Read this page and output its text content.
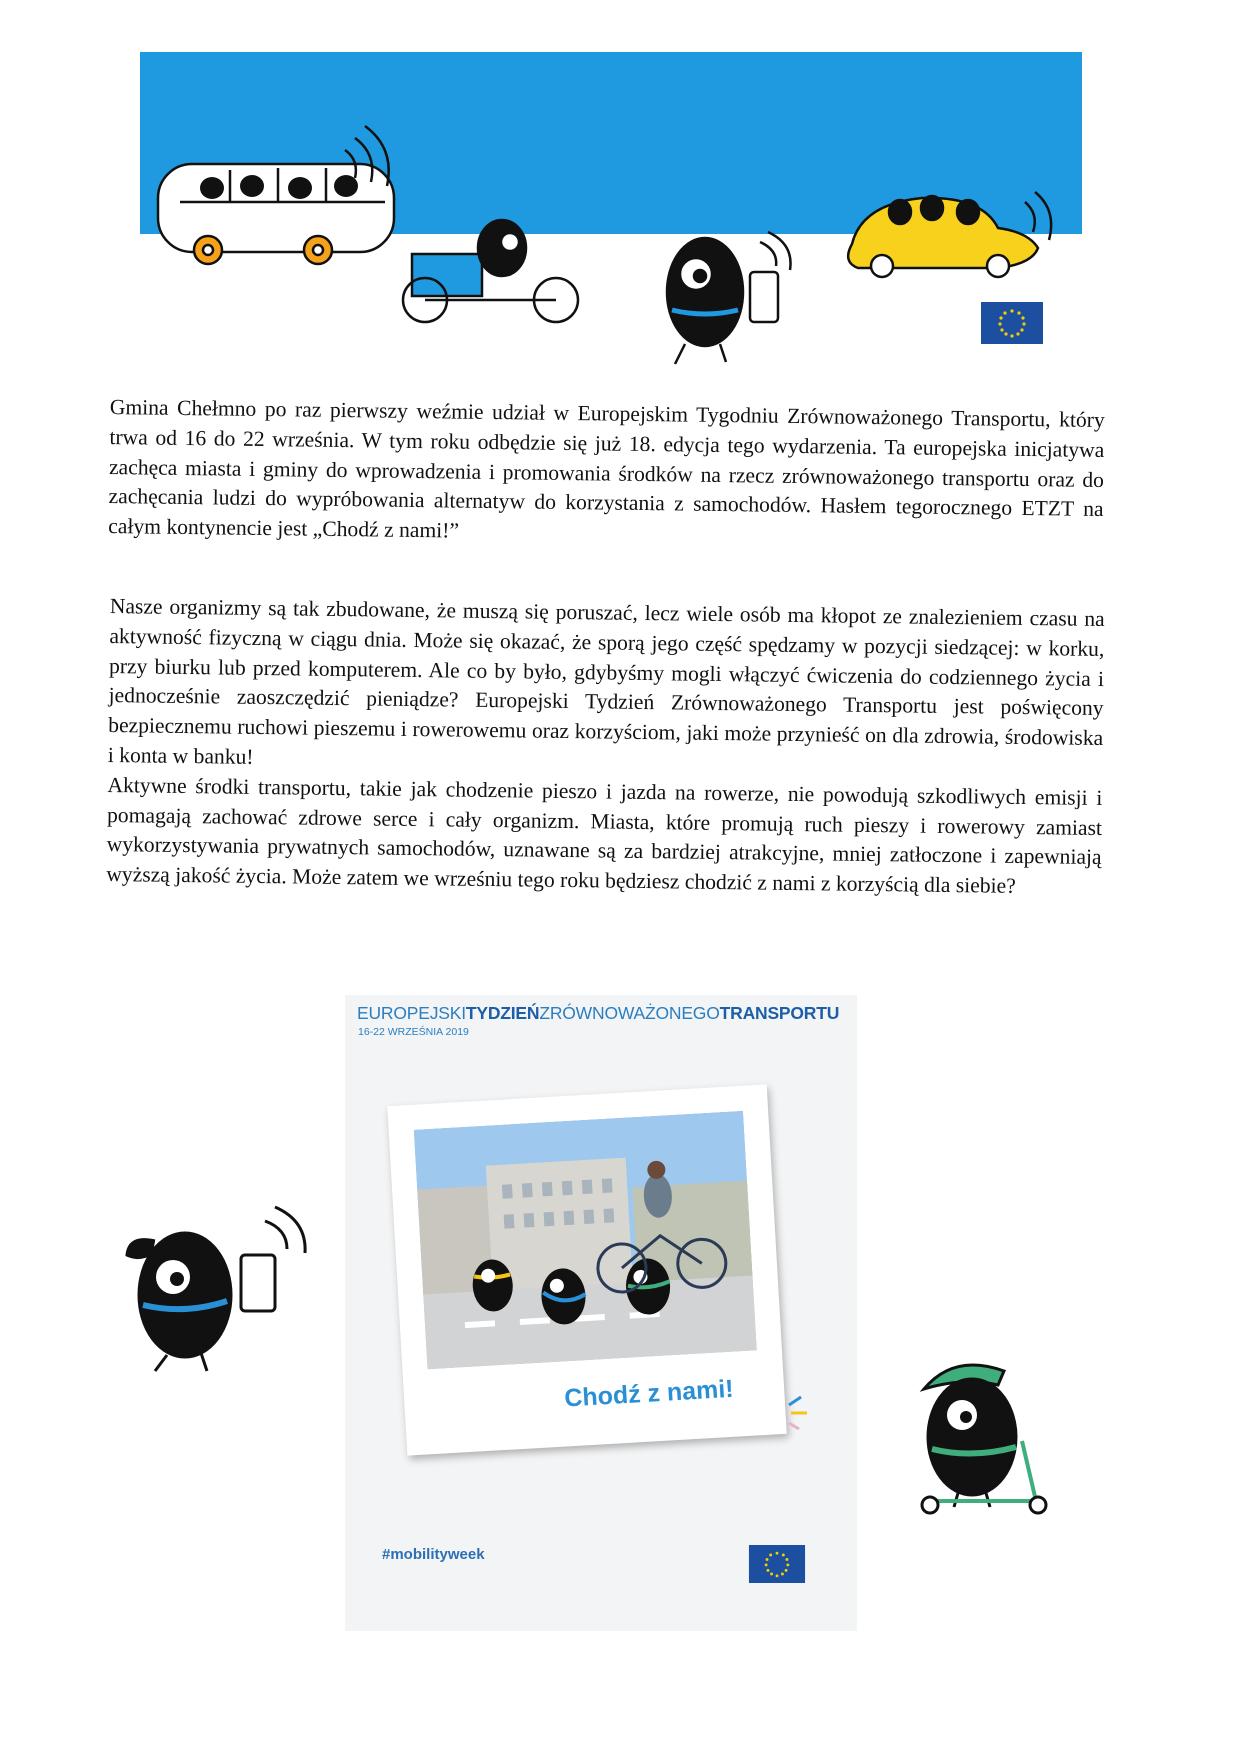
Gmina Chełmno po raz pierwszy weźmie udział w Europejskim Tygodniu Zrównoważonego Transportu, który trwa od 16 do 22 września. W tym roku odbędzie się już 18. edycja tego wydarzenia. Ta europejska inicjatywa zachęca miasta i gminy do wprowadzenia i promowania środków na rzecz zrównoważonego transportu oraz do zachęcania ludzi do wypróbowania alternatyw do korzystania z samochodów. Hasłem tegorocznego ETZT na całym kontynencie jest „Chodź z nami!”

Nasze organizmy są tak zbudowane, że muszą się poruszać, lecz wiele osób ma kłopot ze znalezieniem czasu na aktywność fizyczną w ciągu dnia. Może się okazać, że sporą jego część spędzamy w pozycji siedzącej: w korku, przy biurku lub przed komputerem. Ale co by było, gdybyśmy mogli włączyć ćwiczenia do codziennego życia i jednocześnie zaoszczędzić pieniądze? Europejski Tydzień Zrównoważonego Transportu jest poświęcony bezpiecznemu ruchowi pieszemu i rowerowemu oraz korzyściom, jaki może przynieść on dla zdrowia, środowiska i konta w banku!

Aktywne środki transportu, takie jak chodzenie pieszo i jazda na rowerze, nie powodują szkodliwych emisji i pomagają zachować zdrowe serce i cały organizm. Miasta, które promują ruch pieszy i rowerowy zamiast wykorzystywania prywatnych samochodów, uznawane są za bardziej atrakcyjne, mniej zatłoczone i zapewniają wyższą jakość życia. Może zatem we wrześniu tego roku będziesz chodzić z nami z korzyścią dla siebie?

EUROPEJSKITYDZIEŃZRÓWNOWAŻONEGOTRANSPORTU
16-22 WRZEŚNIA 2019
Chodź z nami!
#mobilityweek
